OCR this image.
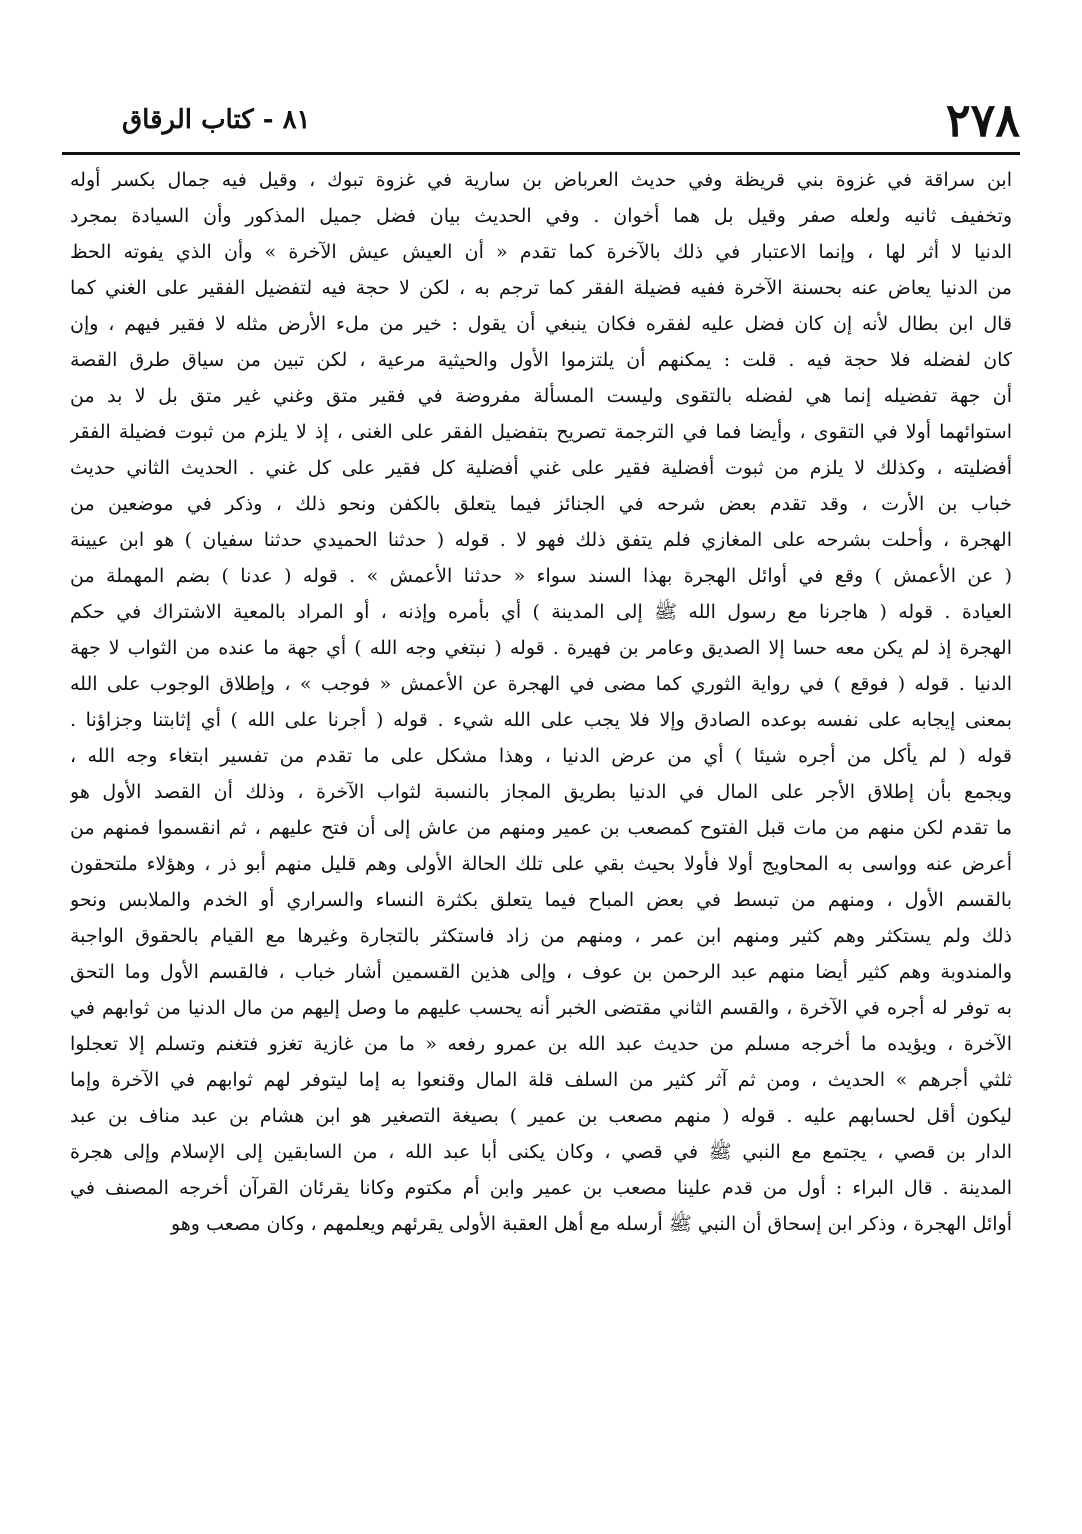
٢٧٨
٨١ - كتاب الرقاق
ابن سراقة في غزوة بني قريظة وفي حديث العرباض بن سارية في غزوة تبوك ، وقيل فيه جمال بكسر أوله
وتخفيف ثانيه ولعله صفر وقيل بل هما أخوان . وفي الحديث بيان فضل جميل المذكور وأن السيادة بمجرد
الدنيا لا أثر لها ، وإنما الاعتبار في ذلك بالآخرة كما تقدم « أن العيش عيش الآخرة » وأن الذي يفوته الحظ
من الدنيا يعاض عنه بحسنة الآخرة ففيه فضيلة الفقر كما ترجم به ، لكن لا حجة فيه لتفضيل الفقير على الغني كما
قال ابن بطال لأنه إن كان فضل عليه لفقره فكان ينبغي أن يقول : خير من ملء الأرض مثله لا فقير فيهم ، وإن
كان لفضله فلا حجة فيه . قلت : يمكنهم أن يلتزموا الأول والحيثية مرعية ، لكن تبين من سياق طرق القصة
أن جهة تفضيله إنما هي لفضله بالتقوى وليست المسألة مفروضة في فقير متق وغني غير متق بل لا بد من
استوائهما أولا في التقوى ، وأيضا فما في الترجمة تصريح بتفضيل الفقر على الغنى ، إذ لا يلزم من ثبوت فضيلة الفقر
أفضليته ، وكذلك لا يلزم من ثبوت أفضلية فقير على غني أفضلية كل فقير على كل غني . الحديث الثاني حديث
خباب بن الأرت ، وقد تقدم بعض شرحه في الجنائز فيما يتعلق بالكفن ونحو ذلك ، وذكر في موضعين من
الهجرة ، وأحلت بشرحه على المغازي فلم يتفق ذلك فهو لا . قوله ( حدثنا الحميدي حدثنا سفيان ) هو ابن عيينة
( عن الأعمش ) وقع في أوائل الهجرة بهذا السند سواء « حدثنا الأعمش » . قوله ( عدنا ) بضم المهملة من
العيادة . قوله ( هاجرنا مع رسول الله ﷺ إلى المدينة ) أي بأمره وإذنه ، أو المراد بالمعية الاشتراك في حكم
الهجرة إذ لم يكن معه حسا إلا الصديق وعامر بن فهيرة . قوله ( نبتغي وجه الله ) أي جهة ما عنده من الثواب لا جهة
الدنيا . قوله ( فوقع ) في رواية الثوري كما مضى في الهجرة عن الأعمش « فوجب » ، وإطلاق الوجوب على الله
بمعنى إيجابه على نفسه بوعده الصادق وإلا فلا يجب على الله شيء . قوله ( أجرنا على الله ) أي إثابتنا وجزاؤنا .
قوله ( لم يأكل من أجره شيئا ) أي من عرض الدنيا ، وهذا مشكل على ما تقدم من تفسير ابتغاء وجه الله ،
ويجمع بأن إطلاق الأجر على المال في الدنيا بطريق المجاز بالنسبة لثواب الآخرة ، وذلك أن القصد الأول هو
ما تقدم لكن منهم من مات قبل الفتوح كمصعب بن عمير ومنهم من عاش إلى أن فتح عليهم ، ثم انقسموا فمنهم من
أعرض عنه وواسى به المحاويج أولا فأولا بحيث بقي على تلك الحالة الأولى وهم قليل منهم أبو ذر ، وهؤلاء ملتحقون
بالقسم الأول ، ومنهم من تبسط في بعض المباح فيما يتعلق بكثرة النساء والسراري أو الخدم والملابس ونحو
ذلك ولم يستكثر وهم كثير ومنهم ابن عمر ، ومنهم من زاد فاستكثر بالتجارة وغيرها مع القيام بالحقوق الواجبة
والمندوبة وهم كثير أيضا منهم عبد الرحمن بن عوف ، وإلى هذين القسمين أشار خباب ، فالقسم الأول وما التحق
به توفر له أجره في الآخرة ، والقسم الثاني مقتضى الخبر أنه يحسب عليهم ما وصل إليهم من مال الدنيا من ثوابهم في
الآخرة ، ويؤيده ما أخرجه مسلم من حديث عبد الله بن عمرو رفعه « ما من غازية تغزو فتغنم وتسلم إلا تعجلوا
ثلثي أجرهم » الحديث ، ومن ثم آثر كثير من السلف قلة المال وقنعوا به إما ليتوفر لهم ثوابهم في الآخرة وإما
ليكون أقل لحسابهم عليه . قوله ( منهم مصعب بن عمير ) بصيغة التصغير هو ابن هشام بن عبد مناف بن عبد
الدار بن قصي ، يجتمع مع النبي ﷺ في قصي ، وكان يكنى أبا عبد الله ، من السابقين إلى الإسلام وإلى هجرة
المدينة . قال البراء : أول من قدم علينا مصعب بن عمير وابن أم مكتوم وكانا يقرئان القرآن أخرجه المصنف في
أوائل الهجرة ، وذكر ابن إسحاق أن النبي ﷺ أرسله مع أهل العقبة الأولى يقرئهم ويعلمهم ، وكان مصعب وهو
